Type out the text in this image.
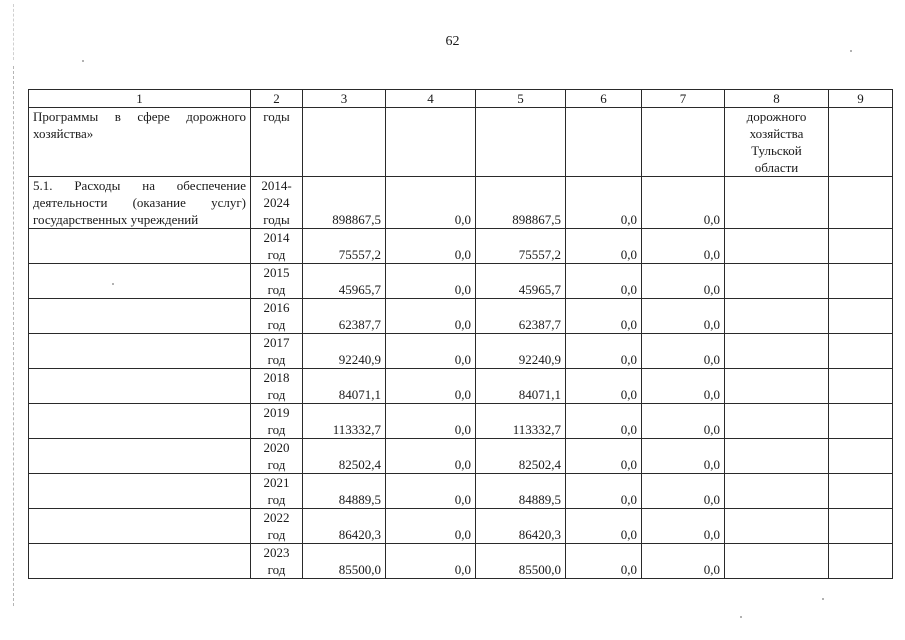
62
1	2	3	4	5	6	7	8	9
Программы в сфере дорожного хозяйства»	годы						дорожного хозяйства Тульской области	
5.1. Расходы на обеспечение деятельности (оказание услуг) государственных учреждений	2014-
2024
годы	898867,5	0,0	898867,5	0,0	0,0		
	2014
год	75557,2	0,0	75557,2	0,0	0,0		
	2015
год	45965,7	0,0	45965,7	0,0	0,0		
	2016
год	62387,7	0,0	62387,7	0,0	0,0		
	2017
год	92240,9	0,0	92240,9	0,0	0,0		
	2018
год	84071,1	0,0	84071,1	0,0	0,0		
	2019
год	113332,7	0,0	113332,7	0,0	0,0		
	2020
год	82502,4	0,0	82502,4	0,0	0,0		
	2021
год	84889,5	0,0	84889,5	0,0	0,0		
	2022
год	86420,3	0,0	86420,3	0,0	0,0		
	2023
год	85500,0	0,0	85500,0	0,0	0,0		
